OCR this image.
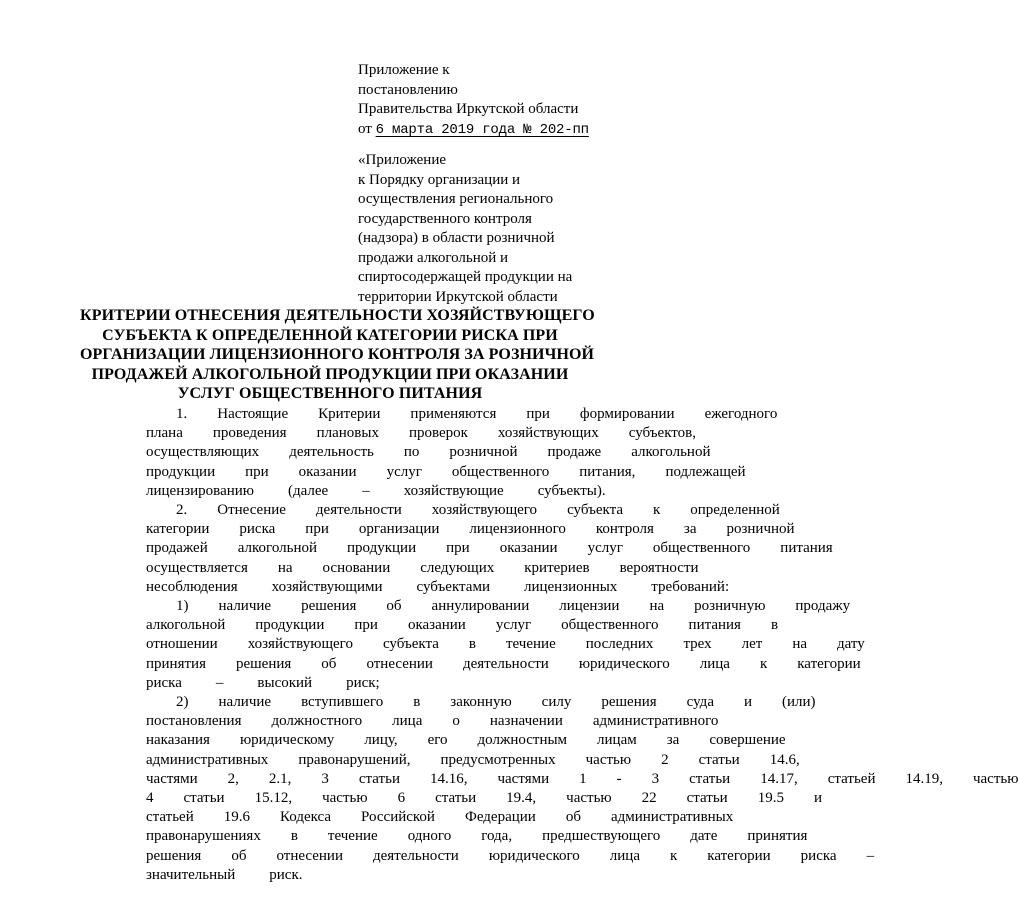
Приложение к
постановлению
Правительства Иркутской области
от 6 марта 2019 года № 202-пп
«Приложение
к Порядку организации и
осуществления регионального
государственного контроля
(надзора) в области розничной
продажи алкогольной и
спиртосодержащей продукции на
территории Иркутской области
КРИТЕРИИ ОТНЕСЕНИЯ ДЕЯТЕЛЬНОСТИ ХОЗЯЙСТВУЮЩЕГО
СУБЪЕКТА К ОПРЕДЕЛЕННОЙ КАТЕГОРИИ РИСКА ПРИ
ОРГАНИЗАЦИИ ЛИЦЕНЗИОННОГО КОНТРОЛЯ ЗА РОЗНИЧНОЙ
ПРОДАЖЕЙ АЛКОГОЛЬНОЙ ПРОДУКЦИИ ПРИ ОКАЗАНИИ
УСЛУГ ОБЩЕСТВЕННОГО ПИТАНИЯ
1.	Настоящие	Критерии	применяются	при	формировании	ежегодного
плана	проведения	плановых	проверок	хозяйствующих	субъектов,
осуществляющих	деятельность	по	розничной	продаже	алкогольной
продукции	при	оказании	услуг	общественного	питания,	подлежащей
лицензированию	(далее	–	хозяйствующие	субъекты).
2.	Отнесение	деятельности	хозяйствующего	субъекта	к	определенной
категории	риска	при	организации	лицензионного	контроля	за	розничной
продажей	алкогольной	продукции	при	оказании	услуг	общественного	питания
осуществляется	на	основании	следующих	критериев	вероятности
несоблюдения	хозяйствующими	субъектами	лицензионных	требований:
1)	наличие	решения	об	аннулировании	лицензии	на	розничную	продажу
алкогольной	продукции	при	оказании	услуг	общественного	питания	в
отношении	хозяйствующего	субъекта	в	течение	последних	трех	лет	на	дату
принятия	решения	об	отнесении	деятельности	юридического	лица	к	категории
риска	–	высокий	риск;
2)	наличие	вступившего	в	законную	силу	решения	суда	и	(или)
постановления	должностного	лица	о	назначении	административного
наказания	юридическому	лицу,	его	должностным	лицам	за	совершение
административных	правонарушений,	предусмотренных	частью	2	статьи	14.6,
частями	2,	2.1,	3	статьи	14.16,	частями	1	-	3	статьи	14.17,	статьей	14.19,	частью
4	статьи	15.12,	частью	6	статьи	19.4,	частью	22	статьи	19.5	и
статьей	19.6	Кодекса	Российской	Федерации	об	административных
правонарушениях	в	течение	одного	года,	предшествующего	дате	принятия
решения	об	отнесении	деятельности	юридического	лица	к	категории	риска	–
значительный	риск.
